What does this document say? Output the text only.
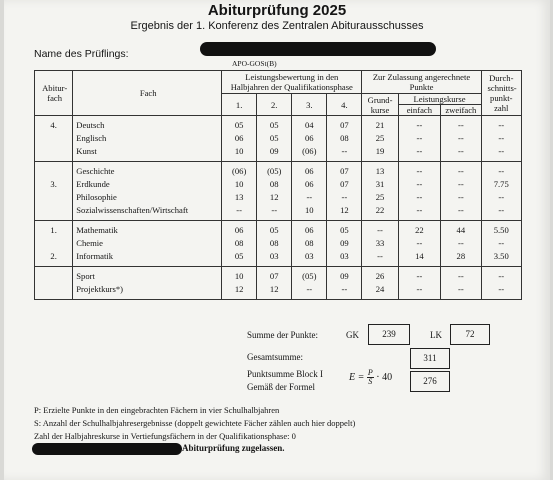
Abiturprüfung 2025
Ergebnis der 1. Konferenz des Zentralen Abiturausschusses
Name des Prüflings:
APO-GOSt(B)
Abitur-fach	Fach	Leistungsbewertung in den Halbjahren der Qualifikationsphase				Zur Zulassung angerechnete Punkte			Durch-schnitts-punkt-zahl
		1.	2.	3.	4.	Grund-kurse	Leistungskurse		
							einfach	zweifach	

4.	Deutsch	05	05	04	07	21	--	--	--

	Englisch	06	05	06	08	25	--	--	--

	Kunst	10	09	(06)	--	19	--	--	--

	Geschichte	(06)	(05)	06	07	13	--	--	--

3.	Erdkunde	10	08	06	07	31	--	--	7.75

	Philosophie	13	12	--	--	25	--	--	--

	Sozialwissenschaften/Wirtschaft	--	--	10	12	22	--	--	--

1.	Mathematik	06	05	06	05	--	22	44	5.50

	Chemie	08	08	08	09	33	--	--	--

2.	Informatik	05	03	03	03	--	14	28	3.50

	Sport	10	07	(05)	09	26	--	--	--

	Projektkurs*)	12	12	--	--	24	--	--	--
Summe der Punkte:	GK	239	LK	72
Gesamtsumme:	311
Punktsumme Block I
Gemäß der Formel
$E = \frac{P}{S} \cdot 40$	276
P: Erzielte Punkte in den eingebrachten Fächern in vier Schulhalbjahren
S: Anzahl der Schulhalbjahresergebnisse (doppelt gewichtete Fächer zählen auch hier doppelt)
Zahl der Halbjahreskurse in Vertiefungsfächern in der Qualifikationsphase: 0
Abiturprüfung zugelassen.
